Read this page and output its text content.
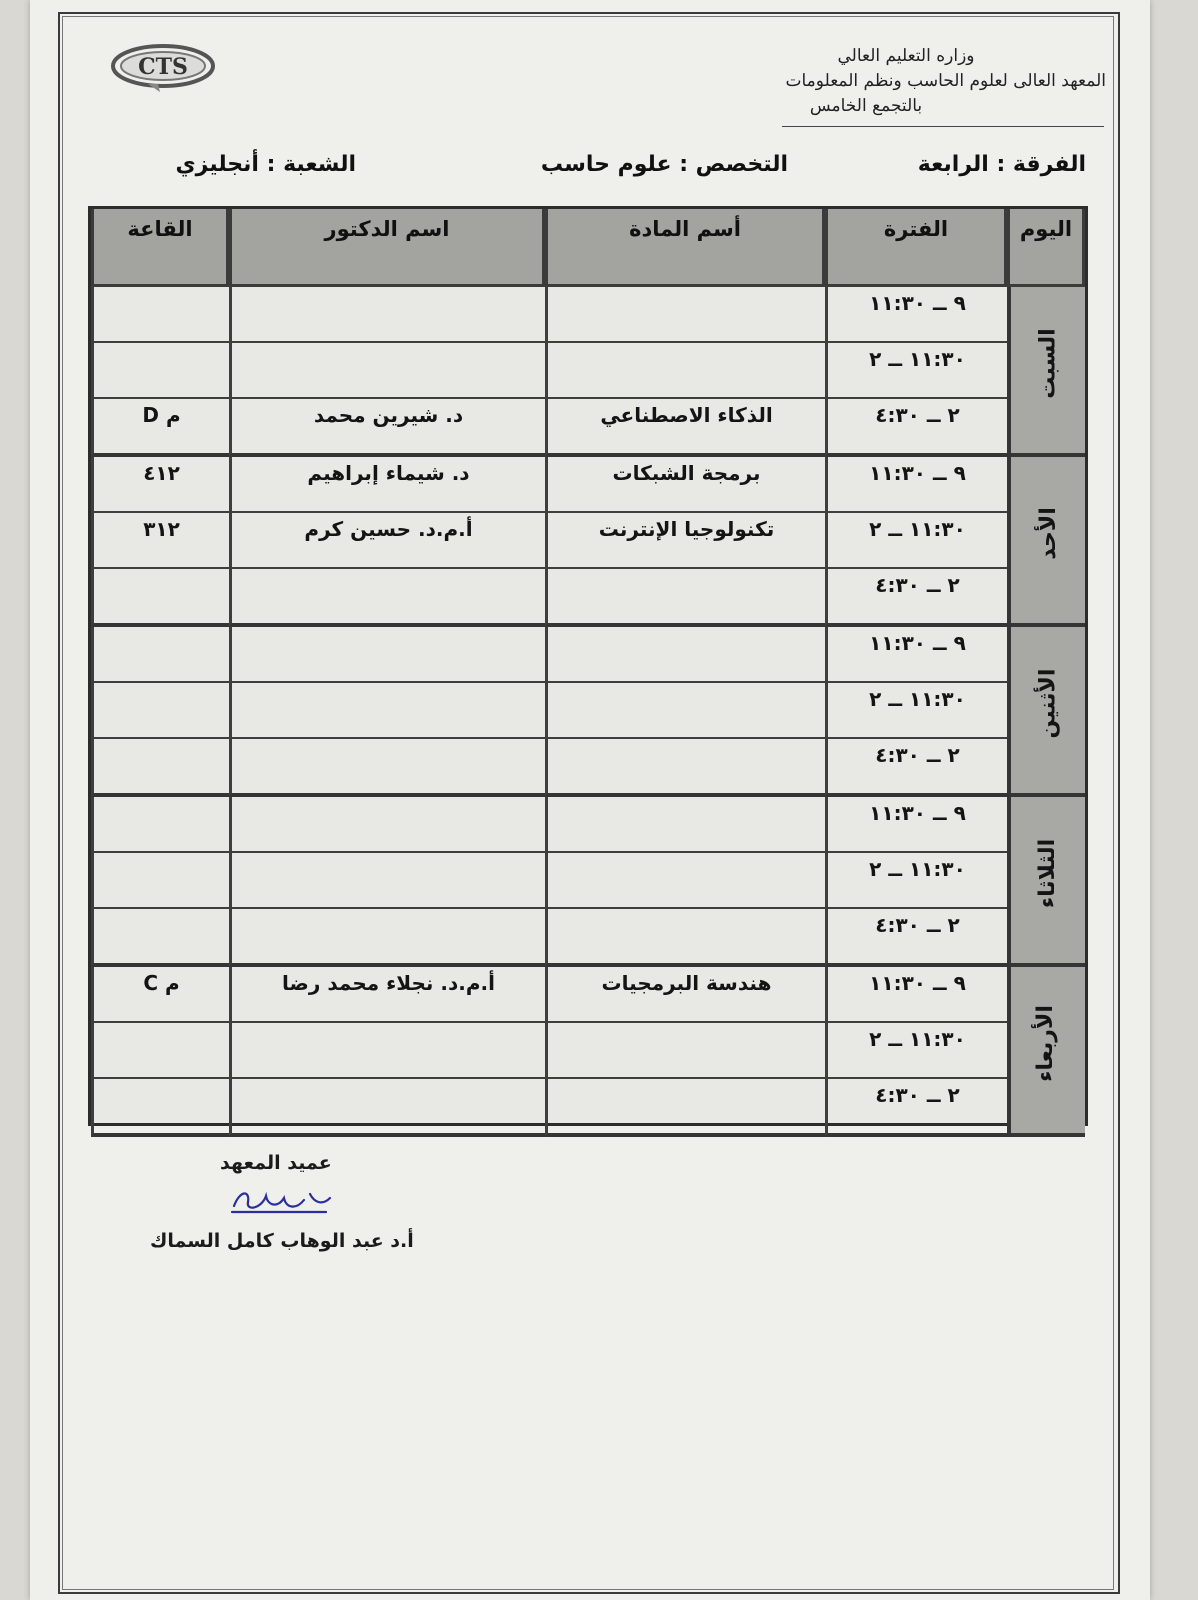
CTS	وزاره التعليم العالي
المعهد العالى لعلوم الحاسب ونظم المعلومات
بالتجمع الخامس
الفرقة : الرابعة
التخصص : علوم حاسب
الشعبة : أنجليزي
اليوم	الفترة	أسم المادة	اسم الدكتور	القاعة
السبت	٩ ــ ١١:٣٠			
	١١:٣٠ ــ ٢			
	٢ ــ ٤:٣٠	الذكاء الاصطناعي	د. شيرين محمد	م D
الأحد	٩ ــ ١١:٣٠	برمجة الشبكات	د. شيماء إبراهيم	٤١٢
	١١:٣٠ ــ ٢	تكنولوجيا الإنترنت	أ.م.د. حسين كرم	٣١٢
	٢ ــ ٤:٣٠			
الأثنين	٩ ــ ١١:٣٠			
	١١:٣٠ ــ ٢			
	٢ ــ ٤:٣٠			
الثلاثاء	٩ ــ ١١:٣٠			
	١١:٣٠ ــ ٢			
	٢ ــ ٤:٣٠			
الأربعاء	٩ ــ ١١:٣٠	هندسة البرمجيات	أ.م.د. نجلاء محمد رضا	م C
	١١:٣٠ ــ ٢			
	٢ ــ ٤:٣٠			
عميد المعهد
أ.د عبد الوهاب كامل السماك
